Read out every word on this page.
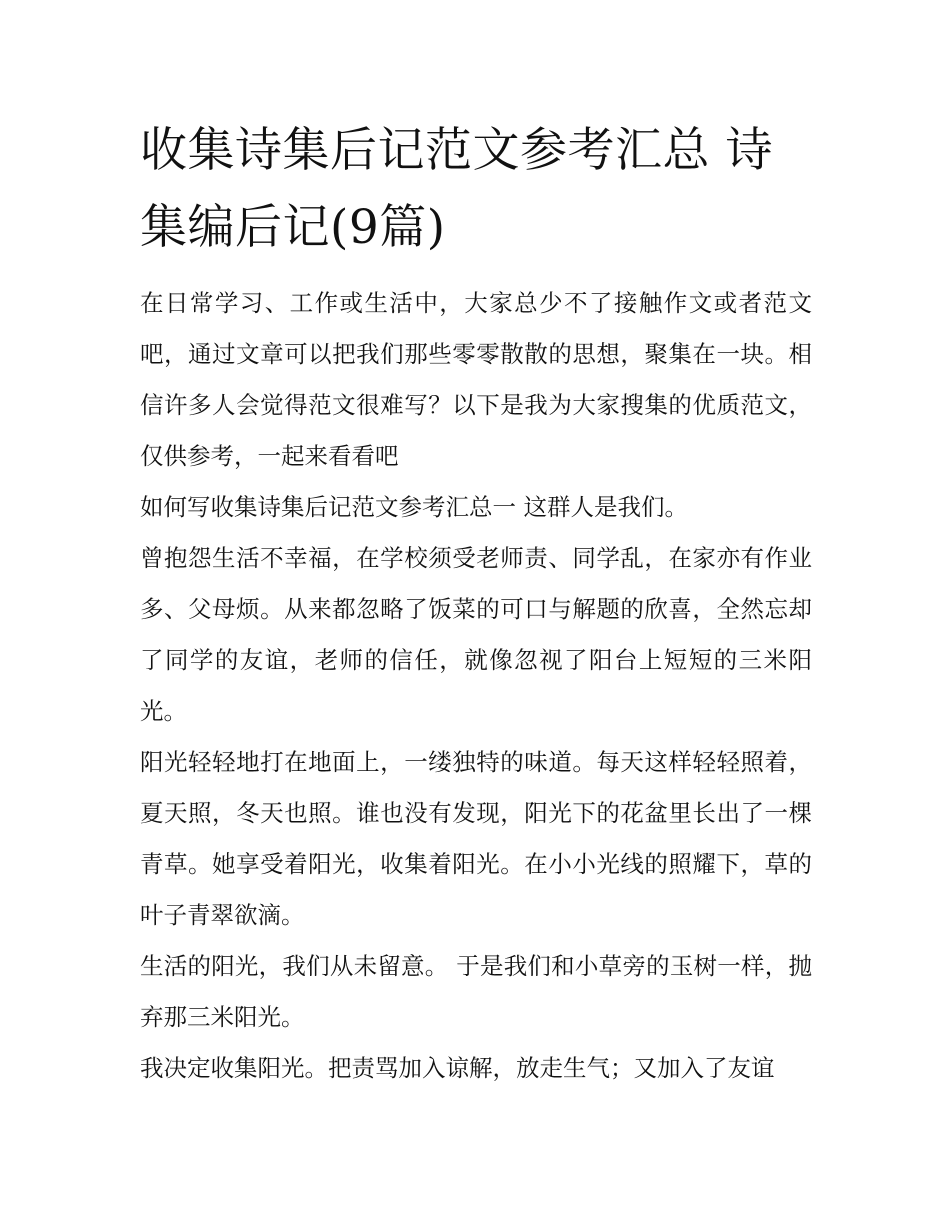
收集诗集后记范文参考汇总 诗集编后记(9篇)

在日常学习、工作或生活中，大家总少不了接触作文或者范文吧，通过文章可以把我们那些零零散散的思想，聚集在一块。相信许多人会觉得范文很难写？以下是我为大家搜集的优质范文，仅供参考，一起来看看吧

如何写收集诗集后记范文参考汇总一 这群人是我们。

曾抱怨生活不幸福，在学校须受老师责、同学乱，在家亦有作业多、父母烦。从来都忽略了饭菜的可口与解题的欣喜，全然忘却了同学的友谊，老师的信任，就像忽视了阳台上短短的三米阳光。

阳光轻轻地打在地面上，一缕独特的味道。每天这样轻轻照着，夏天照，冬天也照。谁也没有发现，阳光下的花盆里长出了一棵青草。她享受着阳光，收集着阳光。在小小光线的照耀下，草的叶子青翠欲滴。

生活的阳光，我们从未留意。 于是我们和小草旁的玉树一样，抛弃那三米阳光。

我决定收集阳光。把责骂加入谅解，放走生气；又加入了友谊
